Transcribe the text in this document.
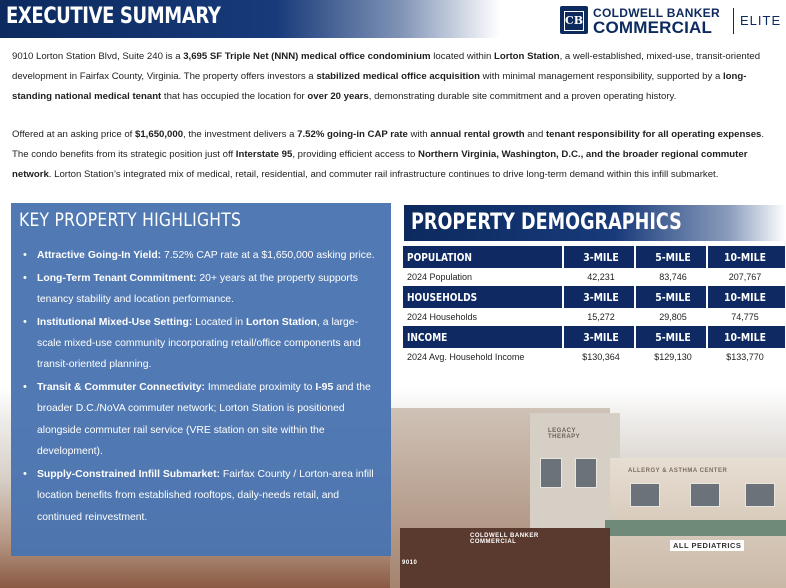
EXECUTIVE SUMMARY	CB
COLDWELL BANKER
COMMERCIAL ELITE

9010 Lorton Station Blvd, Suite 240 is a 3,695 SF Triple Net (NNN) medical office condominium located within Lorton Station, a well-established, mixed-use, transit-oriented development in Fairfax County, Virginia. The property offers investors a stabilized medical office acquisition with minimal management responsibility, supported by a long-standing national medical tenant that has occupied the location for over 20 years, demonstrating durable site commitment and a proven operating history.

Offered at an asking price of $1,650,000, the investment delivers a 7.52% going-in CAP rate with annual rental growth and tenant responsibility for all operating expenses. The condo benefits from its strategic position just off Interstate 95, providing efficient access to Northern Virginia, Washington, D.C., and the broader regional commuter network. Lorton Station’s integrated mix of medical, retail, residential, and commuter rail infrastructure continues to drive long-term demand within this infill submarket.

LEGACY THERAPY
ALLERGY & ASTHMA CENTER
COLDWELL BANKER COMMERCIAL	ALL PEDIATRICS
9010
KEY PROPERTY HIGHLIGHTS
• Attractive Going-In Yield: 7.52% CAP rate at a $1,650,000 asking price.
• Long-Term Tenant Commitment: 20+ years at the property supports tenancy stability and location performance.
• Institutional Mixed-Use Setting: Located in Lorton Station, a large-scale mixed-use community incorporating retail/office components and transit-oriented planning.
• Transit & Commuter Connectivity: Immediate proximity to I-95 and the broader D.C./NoVA commuter network; Lorton Station is positioned alongside commuter rail service (VRE station on site within the development).
• Supply-Constrained Infill Submarket: Fairfax County / Lorton-area infill location benefits from established rooftops, daily-needs retail, and continued reinvestment.
PROPERTY DEMOGRAPHICS
POPULATION	3-MILE	5-MILE	10-MILE
2024 Population	42,231	83,746	207,767
HOUSEHOLDS	3-MILE	5-MILE	10-MILE
2024 Households	15,272	29,805	74,775
INCOME	3-MILE	5-MILE	10-MILE
2024 Avg. Household Income	$130,364	$129,130	$133,770
